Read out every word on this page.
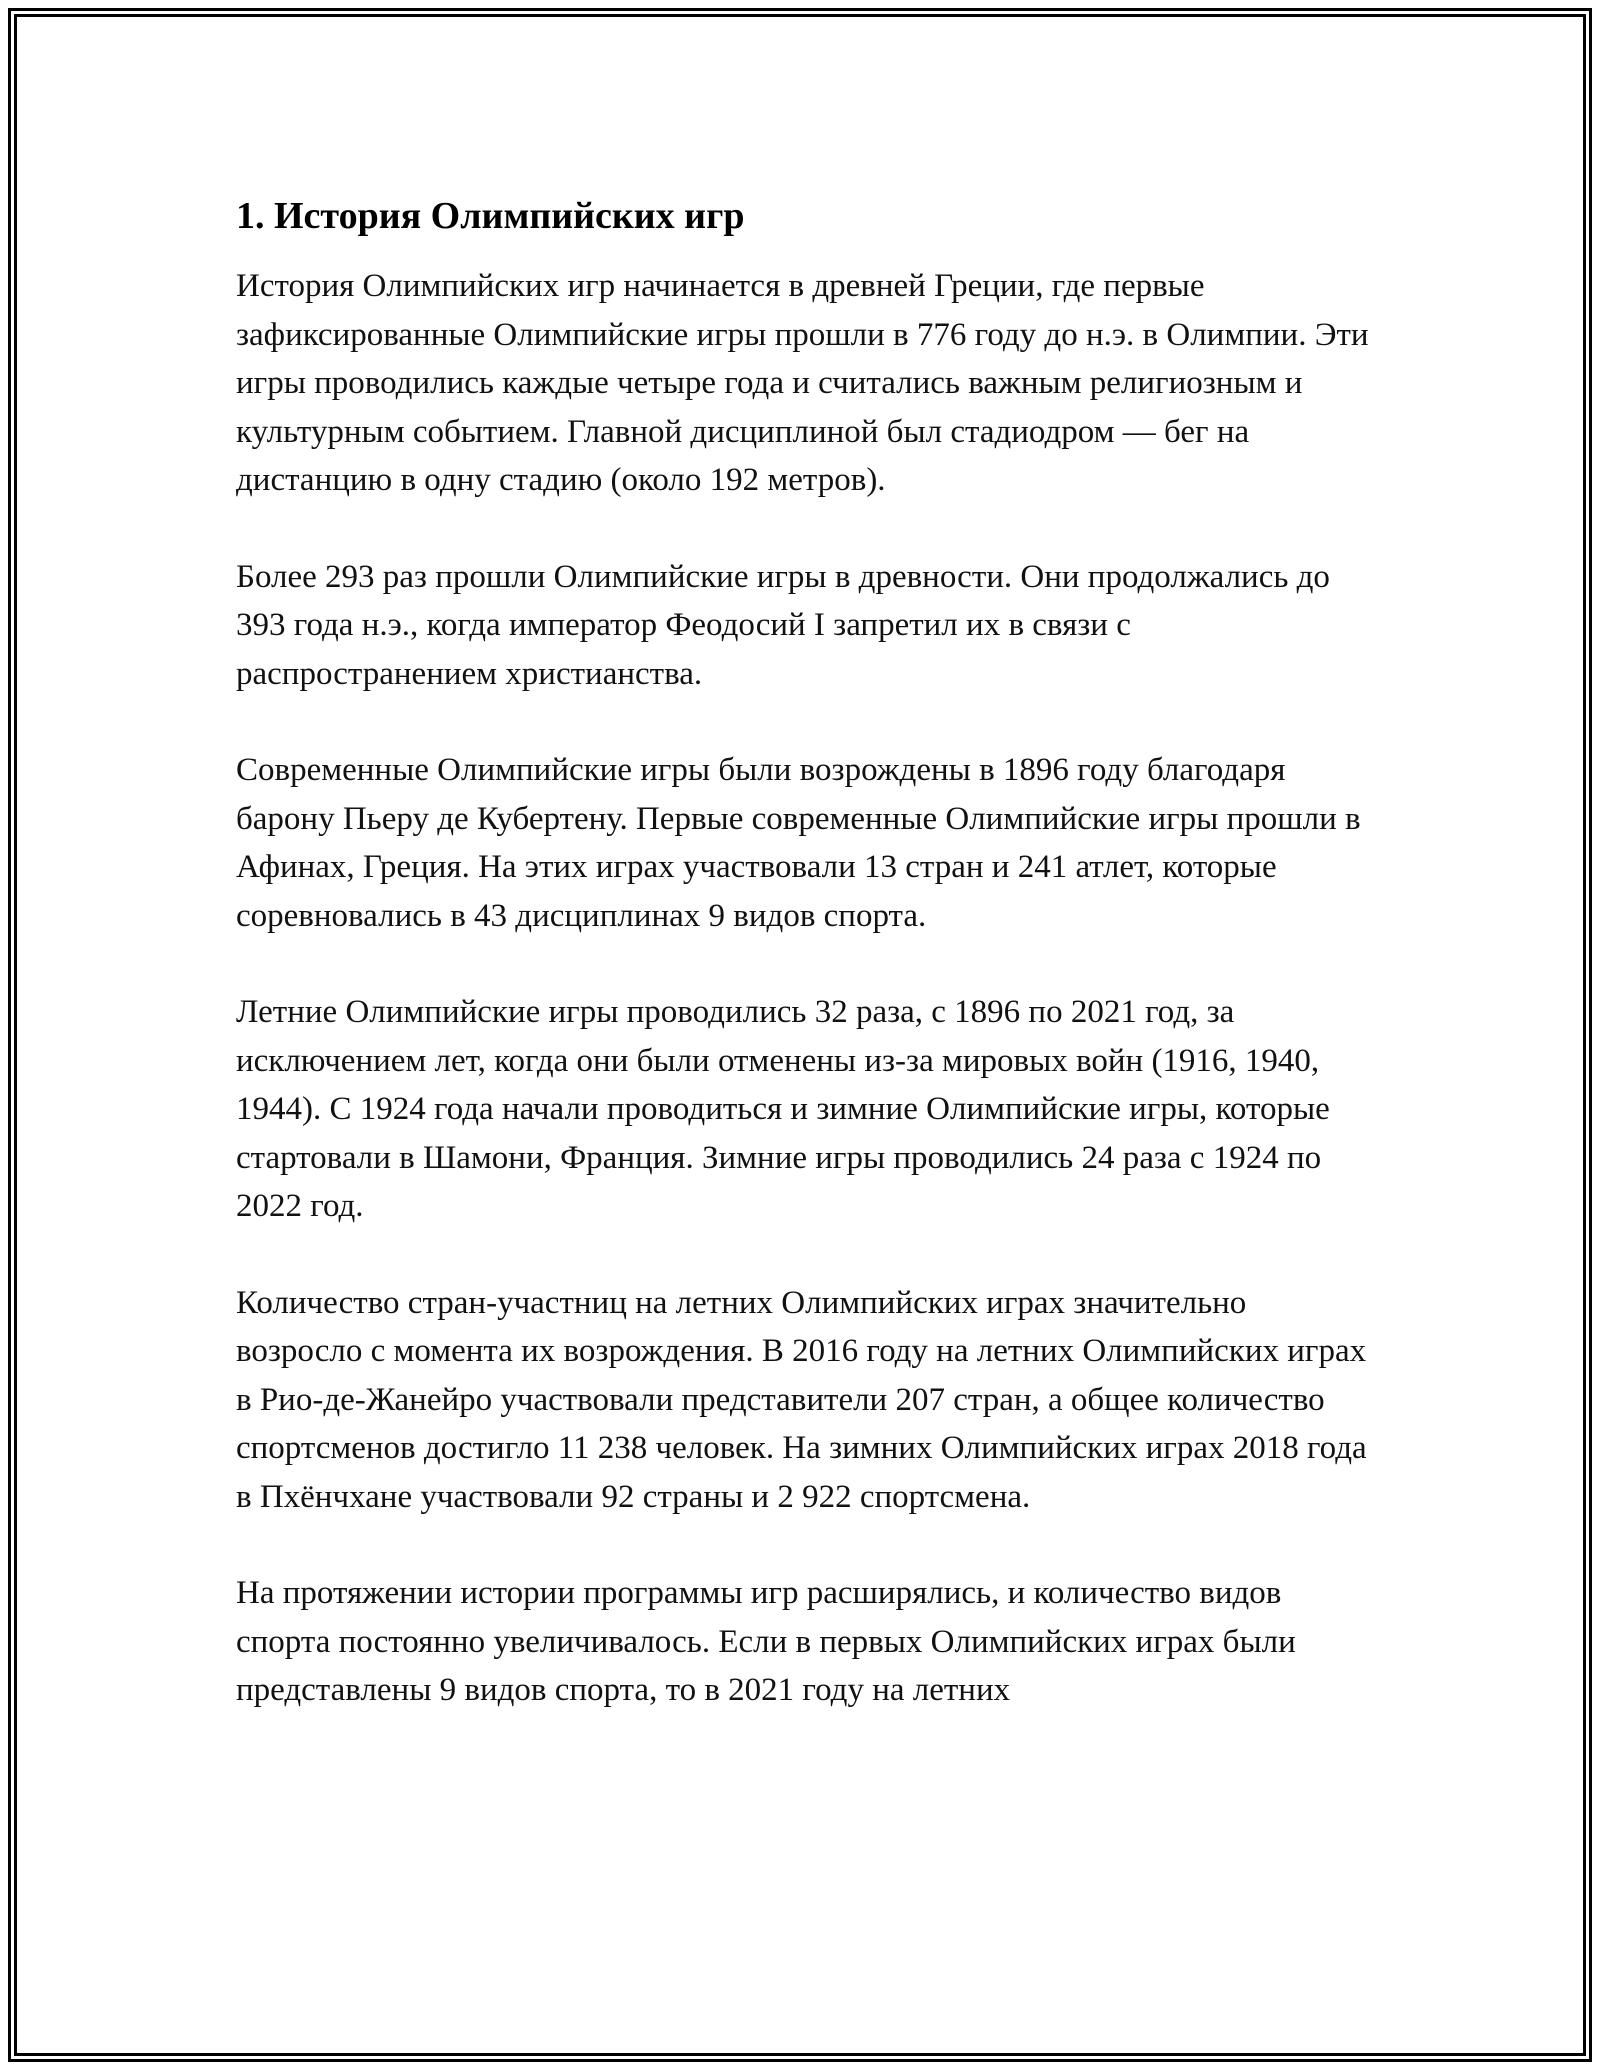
1. История Олимпийских игр

История Олимпийских игр начинается в древней Греции, где первые зафиксированные Олимпийские игры прошли в 776 году до н.э. в Олимпии. Эти игры проводились каждые четыре года и считались важным религиозным и культурным событием. Главной дисциплиной был стадиодром — бег на дистанцию в одну стадию (около 192 метров).

Более 293 раз прошли Олимпийские игры в древности. Они продолжались до 393 года н.э., когда император Феодосий I запретил их в связи с распространением христианства.

Современные Олимпийские игры были возрождены в 1896 году благодаря барону Пьеру де Кубертену. Первые современные Олимпийские игры прошли в Афинах, Греция. На этих играх участвовали 13 стран и 241 атлет, которые соревновались в 43 дисциплинах 9 видов спорта.

Летние Олимпийские игры проводились 32 раза, с 1896 по 2021 год, за исключением лет, когда они были отменены из-за мировых войн (1916, 1940, 1944). С 1924 года начали проводиться и зимние Олимпийские игры, которые стартовали в Шамони, Франция. Зимние игры проводились 24 раза с 1924 по 2022 год.

Количество стран-участниц на летних Олимпийских играх значительно возросло с момента их возрождения. В 2016 году на летних Олимпийских играх в Рио-де-Жанейро участвовали представители 207 стран, а общее количество спортсменов достигло 11 238 человек. На зимних Олимпийских играх 2018 года в Пхёнчхане участвовали 92 страны и 2 922 спортсмена.

На протяжении истории программы игр расширялись, и количество видов спорта постоянно увеличивалось. Если в первых Олимпийских играх были представлены 9 видов спорта, то в 2021 году на летних
